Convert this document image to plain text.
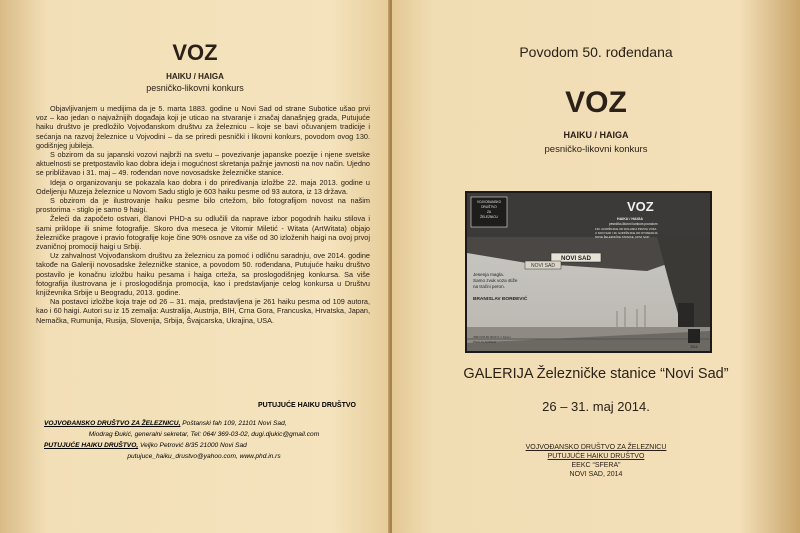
VOZ
HAIKU / HAIGA
pesničko-likovni konkurs

Objavljivanjem u medijima da je 5. marta 1883. godine u Novi Sad od strane Subotice ušao prvi voz – kao jedan o najvažnijih događaja koji je uticao na stvaranje i značaj današnjeg grada, Putujuće haiku društvo je predložilo Vojvođanskom društvu za železnicu – koje se bavi očuvanjem tradicije i sećanja na razvoj železnice u Vojvodini – da se priredi pesnički i likovni konkurs, povodom ovog 130. godišnjeg jubileja.

S obzirom da su japanski vozovi najbrži na svetu – povezivanje japanske poezije i njene svetske aktuelnosti se pretpostavilo kao dobra ideja i mogućnost skretanja pažnje javnosti na nov način. Ujedno se približavao i 31. maj – 49. rođendan nove novosadske železničke stanice.

Ideja o organizovanju se pokazala kao dobra i do priređivanja izložbe 22. maja 2013. godine u Odeljenju Muzeja železnice u Novom Sadu stiglo je 603 haiku pesme od 93 autora, iz 13 država.

S obzirom da je ilustrovanje haiku pesme bilo crtežom, bilo fotografijom novost na našim prostorima - stiglo je samo 9 haigi.

Želeći da započeto ostvari, članovi PHD-a su odlučili da naprave izbor pogodnih haiku stilova i sami priklope ili snime fotografije. Skoro dva meseca je Vitomir Miletić - Witata (ArtWitata) objajo železničke pragove i pravio fotografije koje čine 90% osnove za više od 30 izloženih haigi na ovoj prvoj zvaničnoj promociji haigi u Srbiji.

Uz zahvalnost Vojvođanskom društvu za železnicu za pomoć i odličnu saradnju, ove 2014. godine takođe na Galeriji novosadske železničke stanice, a povodom 50. rođendana, Putujuće haiku društvo postavilo je konačnu izložbu haiku pesama i haiga crteža, sa proslogodišnjeg konkursa. Sa više fotografija ilustrovana je i proslogodišnja promocija, kao i predstavljanje celog konkursa u Društvu književnika Srbije u Beogradu, 2013. godine.

Na postavci izložbe koja traje od 26 – 31. maja, predstavljena je 261 haiku pesma od 109 autora, kao i 60 haigi. Autori su iz 15 zemalja: Australija, Austrija, BIH, Crna Gora, Francuska, Hrvatska, Japan, Nemačka, Rumunija, Rusija, Slovenija, Srbija, Švajcarska, Ukrajina, USA.

PUTUJUĆE HAIKU DRUŠTVO
VOJVOĐANSKO DRUŠTVO ZA ŽELEZNICU, Poštanski fah 109, 21101 Novi Sad,
Miodrag Đukić, generalni sekretar, Tel: 064/ 369-03-02, dugi.djukic@gmail.com
PUTUJUĆE HAIKU DRUŠTVO, Veljko Petrović 8/35 21000 Novi Sad
putujuce_haiku_drustvo@yahoo.com, www.phd.in.rs
Povodom 50. rođendana
VOZ
HAIKU / HAIGA
pesničko-likovni konkurs
VOJVOĐANSKO
DRUŠTVO
ZA
ŽELEZNICU
VOZ
HAIKU / HAIGA
pesničko-likovni konkurs povodom
130. GODIŠNJICE OD DOLASKA PRVOG VOZA
U NOVI SAD I 49. GODIŠNJICE OD OTVARANJA
NOVE ŽELEZNIČKE STANICE „NOVI SAD“
NOVI SAD
NOVI SAD
Jesenja magla.
Samo zvuk voza stiže
na tračni peron.
BRANISLAV ĐORĐEVIĆ
ISBN 978-86-903271-7-1(bez)
Photo by ArtWitata
2014
GALERIJA Železničke stanice “Novi Sad”
26 – 31. maj 2014.
VOJVOĐANSKO DRUŠTVO ZA ŽELEZNICU
PUTUJUĆE HAIKU DRUŠTVO
EEKC “SFERA”
NOVI SAD, 2014
